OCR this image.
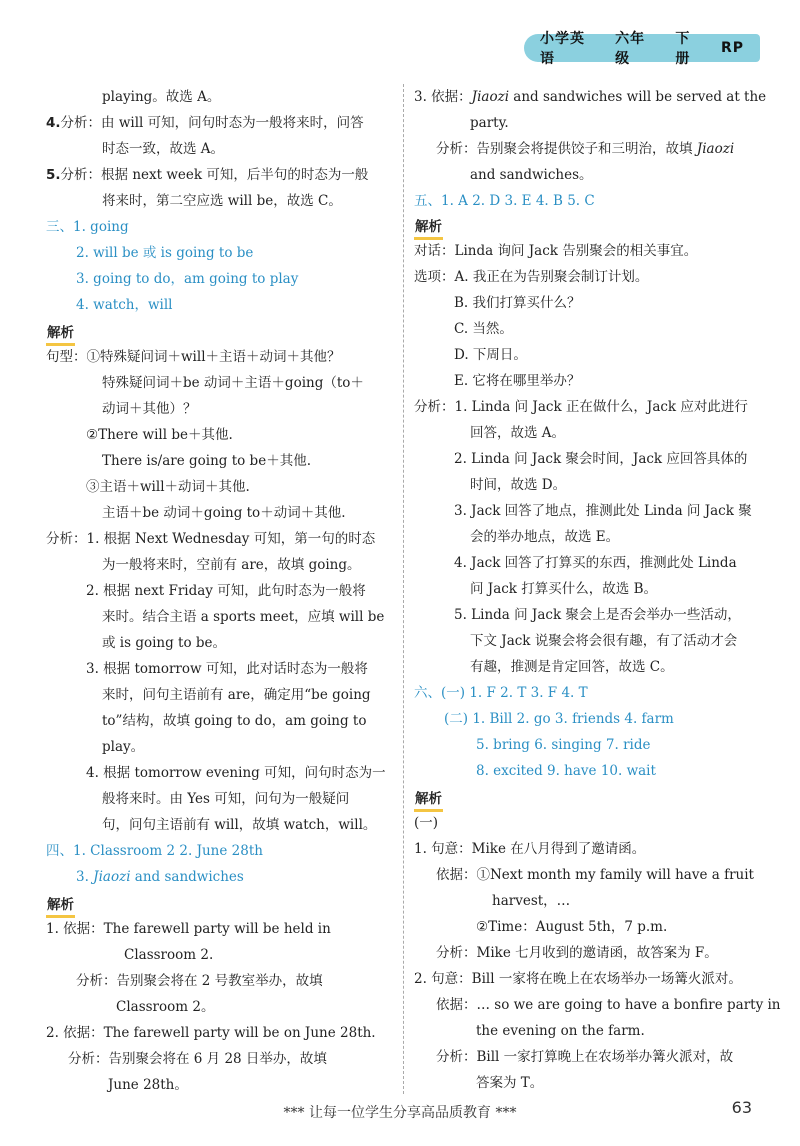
小学英语
六年级
下册
RP
playing。故选 A。
4.分析：由 will 可知，问句时态为一般将来时，问答
时态一致，故选 A。
5.分析：根据 next week 可知，后半句的时态为一般
将来时，第二空应选 will be，故选 C。
三、1. going
2. will be 或 is going to be
3. going to do，am going to play
4. watch，will
解析
句型：①特殊疑问词＋will＋主语＋动词＋其他？
特殊疑问词＋be 动词＋主语＋going（to＋
动词＋其他）？
②There will be＋其他.
There is/are going to be＋其他.
③主语＋will＋动词＋其他.
主语＋be 动词＋going to＋动词＋其他.
分析：1. 根据 Next Wednesday 可知，第一句的时态
为一般将来时，空前有 are，故填 going。
2. 根据 next Friday 可知，此句时态为一般将
来时。结合主语 a sports meet，应填 will be
或 is going to be。
3. 根据 tomorrow 可知，此对话时态为一般将
来时，问句主语前有 are，确定用“be going
to”结构，故填 going to do，am going to
play。
4. 根据 tomorrow evening 可知，问句时态为一
般将来时。由 Yes 可知，问句为一般疑问
句，问句主语前有 will，故填 watch，will。
四、1. Classroom 2 2. June 28th
3. Jiaozi and sandwiches
解析
1. 依据：The farewell party will be held in
Classroom 2.
分析：告别聚会将在 2 号教室举办，故填
Classroom 2。
2. 依据：The farewell party will be on June 28th.
分析：告别聚会将在 6 月 28 日举办，故填
June 28th。
3. 依据：Jiaozi and sandwiches will be served at the
party.
分析：告别聚会将提供饺子和三明治，故填 Jiaozi
and sandwiches。
五、1. A 2. D 3. E 4. B 5. C
解析
对话：Linda 询问 Jack 告别聚会的相关事宜。
选项：A. 我正在为告别聚会制订计划。
B. 我们打算买什么？
C. 当然。
D. 下周日。
E. 它将在哪里举办？
分析：1. Linda 问 Jack 正在做什么，Jack 应对此进行
回答，故选 A。
2. Linda 问 Jack 聚会时间，Jack 应回答具体的
时间，故选 D。
3. Jack 回答了地点，推测此处 Linda 问 Jack 聚
会的举办地点，故选 E。
4. Jack 回答了打算买的东西，推测此处 Linda
问 Jack 打算买什么，故选 B。
5. Linda 问 Jack 聚会上是否会举办一些活动，
下文 Jack 说聚会将会很有趣，有了活动才会
有趣，推测是肯定回答，故选 C。
六、(一) 1. F 2. T 3. F 4. T
(二) 1. Bill 2. go 3. friends 4. farm
5. bring 6. singing 7. ride
8. excited 9. have 10. wait
解析
(一)
1. 句意：Mike 在八月得到了邀请函。
依据：①Next month my family will have a fruit
harvest，…
②Time：August 5th，7 p.m.
分析：Mike 七月收到的邀请函，故答案为 F。
2. 句意：Bill 一家将在晚上在农场举办一场篝火派对。
依据：… so we are going to have a bonfire party in
the evening on the farm.
分析：Bill 一家打算晚上在农场举办篝火派对，故
答案为 T。
*** 让每一位学生分享高品质教育 ***	63
